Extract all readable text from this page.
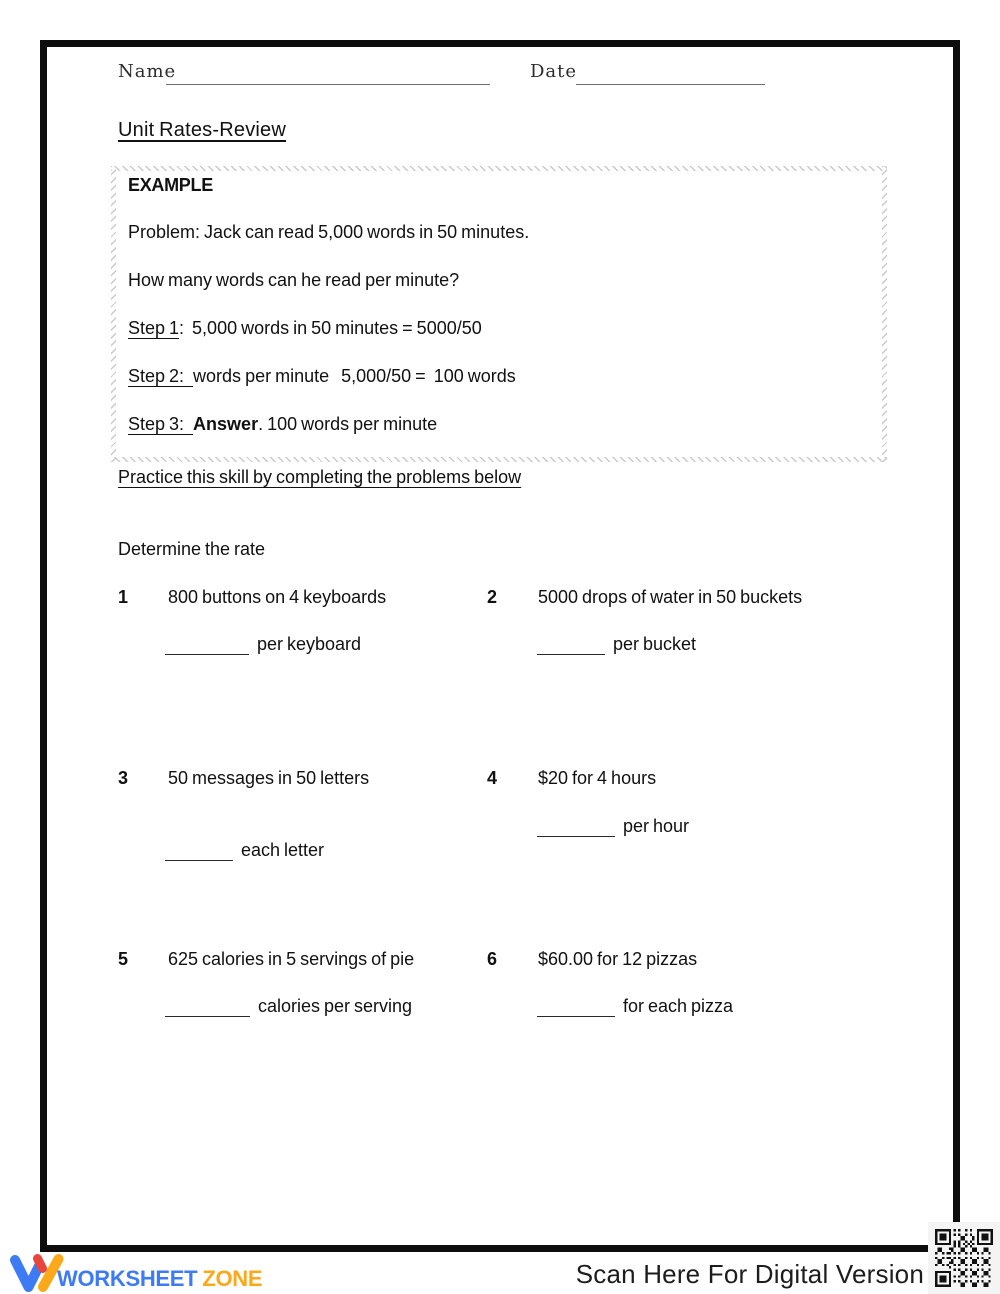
Name	Date
Unit Rates-Review
EXAMPLE
Problem: Jack can read 5,000 words in 50 minutes.
How many words can he read per minute?
Step 1:  5,000 words in 50 minutes = 5000/50
Step 2: words per minute   5,000/50 =  100 words
Step 3: Answer. 100 words per minute
Practice this skill by completing the problems below
Determine the rate
1 800 buttons on 4 keyboards
per keyboard
2 5000 drops of water in 50 buckets
per bucket
3 50 messages in 50 letters
each letter
4 $20 for 4 hours
per hour
5 625 calories in 5 servings of pie
calories per serving
6 $60.00 for 12 pizzas
for each pizza
WORKSHEET ZONE	Scan Here For Digital Version
